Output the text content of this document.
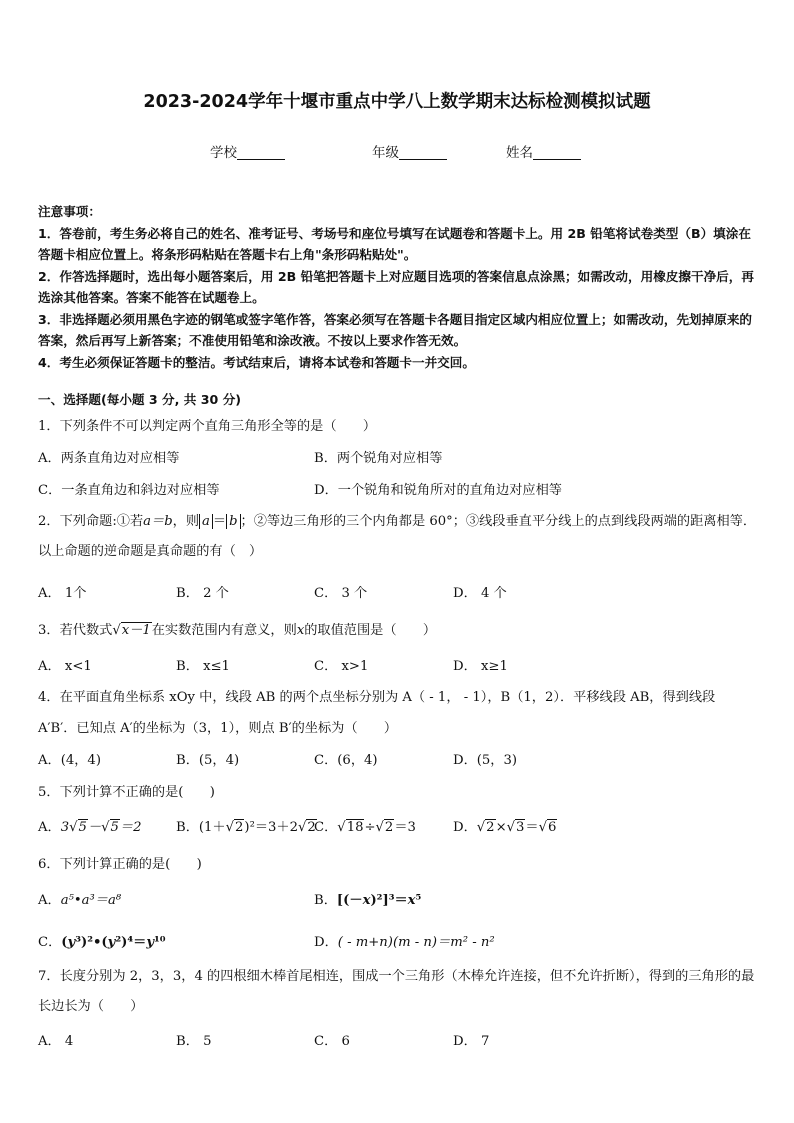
2023-2024学年十堰市重点中学八上数学期末达标检测模拟试题
学校	年级	姓名

注意事项：

1．答卷前，考生务必将自己的姓名、准考证号、考场号和座位号填写在试题卷和答题卡上。用 2B 铅笔将试卷类型（B）填涂在答题卡相应位置上。将条形码粘贴在答题卡右上角"条形码粘贴处"。

2．作答选择题时，选出每小题答案后，用 2B 铅笔把答题卡上对应题目选项的答案信息点涂黑；如需改动，用橡皮擦干净后，再选涂其他答案。答案不能答在试题卷上。

3．非选择题必须用黑色字迹的钢笔或签字笔作答，答案必须写在答题卡各题目指定区域内相应位置上；如需改动，先划掉原来的答案，然后再写上新答案；不准使用铅笔和涂改液。不按以上要求作答无效。

4．考生必须保证答题卡的整洁。考试结束后，请将本试卷和答题卡一并交回。

一、选择题(每小题 3 分, 共 30 分)
1．下列条件不可以判定两个直角三角形全等的是（　　）
A．两条直角边对应相等	B．两个锐角对应相等
C．一条直角边和斜边对应相等	D．一个锐角和锐角所对的直角边对应相等
2．下列命题:①若a＝b，则 a ＝ b ；②等边三角形的三个内角都是 60°；③线段垂直平分线上的点到线段两端的距离相等．以上命题的逆命题是真命题的有（　）
A． 1个	B． 2 个	C． 3 个	D． 4 个
3．若代数式√x－1在实数范围内有意义，则x的取值范围是（　　）
A． x<1	B． x≤1	C． x>1	D． x≥1
4．在平面直角坐标系 xOy 中，线段 AB 的两个点坐标分别为 A（ - 1， - 1），B（1，2）．平移线段 AB，得到线段
A′B′．已知点 A′的坐标为（3，1），则点 B′的坐标为（　　）
A．(4，4)	B．(5，4)	C．(6，4)	D．(5，3)
5．下列计算不正确的是(　　)
A．3√5－√5＝2	B．(1＋√2)²＝3＋2√2
C．√18÷√2＝3	D．√2×√3＝√6
6．下列计算正确的是(　　)
A．a⁵•a³＝a⁸	B．[(－x)²]³＝x⁵
C．(y³)²•(y²)⁴＝y¹⁰	D．( - m+n)(m - n)＝m² - n²
7．长度分别为 2，3，3，4 的四根细木棒首尾相连，围成一个三角形（木棒允许连接，但不允许折断），得到的三角形的最长边长为（　　）
A． 4	B． 5	C． 6	D． 7
